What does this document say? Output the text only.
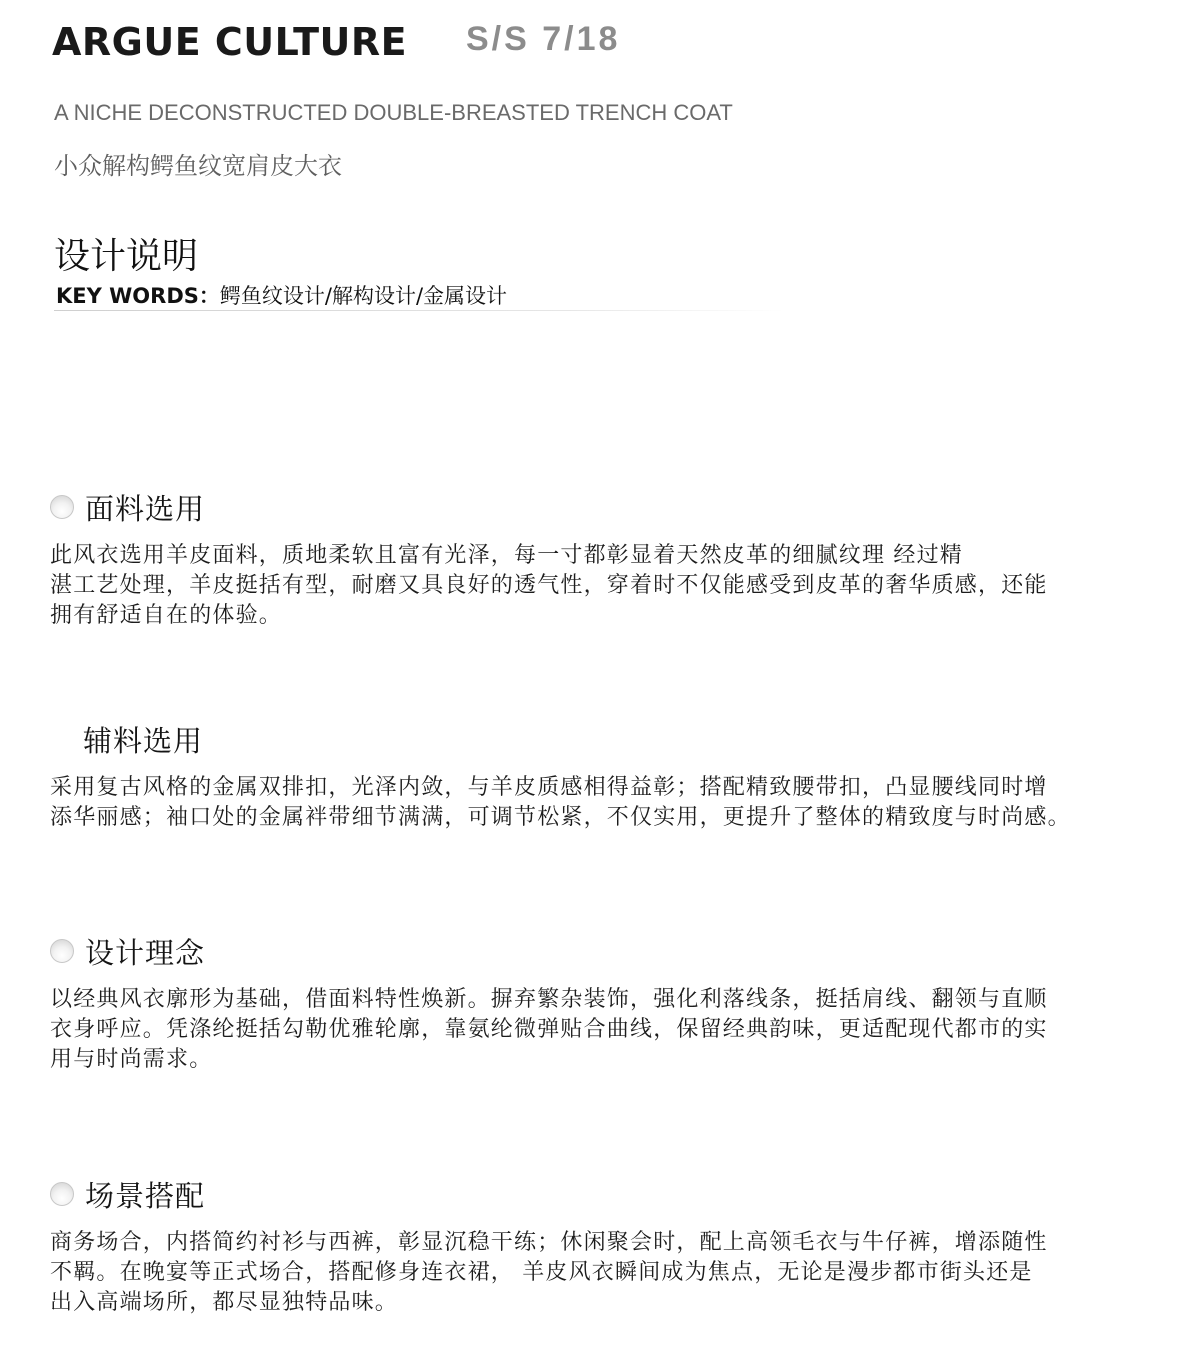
ARGUE CULTURE S/S 7/18
A NICHE DECONSTRUCTED DOUBLE-BREASTED TRENCH COAT
小众解构鳄鱼纹宽肩皮大衣
设计说明
KEY WORDS：鳄鱼纹设计/解构设计/金属设计
面料选用
此风衣选用羊皮面料，质地柔软且富有光泽，每一寸都彰显着天然皮革的细腻纹理 经过精
湛工艺处理，羊皮挺括有型，耐磨又具良好的透气性，穿着时不仅能感受到皮革的奢华质感，还能
拥有舒适自在的体验。
辅料选用
采用复古风格的金属双排扣，光泽内敛，与羊皮质感相得益彰；搭配精致腰带扣，凸显腰线同时增
添华丽感；袖口处的金属袢带细节满满，可调节松紧，不仅实用，更提升了整体的精致度与时尚感。
设计理念
以经典风衣廓形为基础，借面料特性焕新。摒弃繁杂装饰，强化利落线条，挺括肩线、翻领与直顺
衣身呼应。凭涤纶挺括勾勒优雅轮廓，靠氨纶微弹贴合曲线，保留经典韵味，更适配现代都市的实
用与时尚需求。
场景搭配
商务场合，内搭简约衬衫与西裤，彰显沉稳干练；休闲聚会时，配上高领毛衣与牛仔裤，增添随性
不羁。在晚宴等正式场合，搭配修身连衣裙， 羊皮风衣瞬间成为焦点，无论是漫步都市街头还是
出入高端场所，都尽显独特品味。
